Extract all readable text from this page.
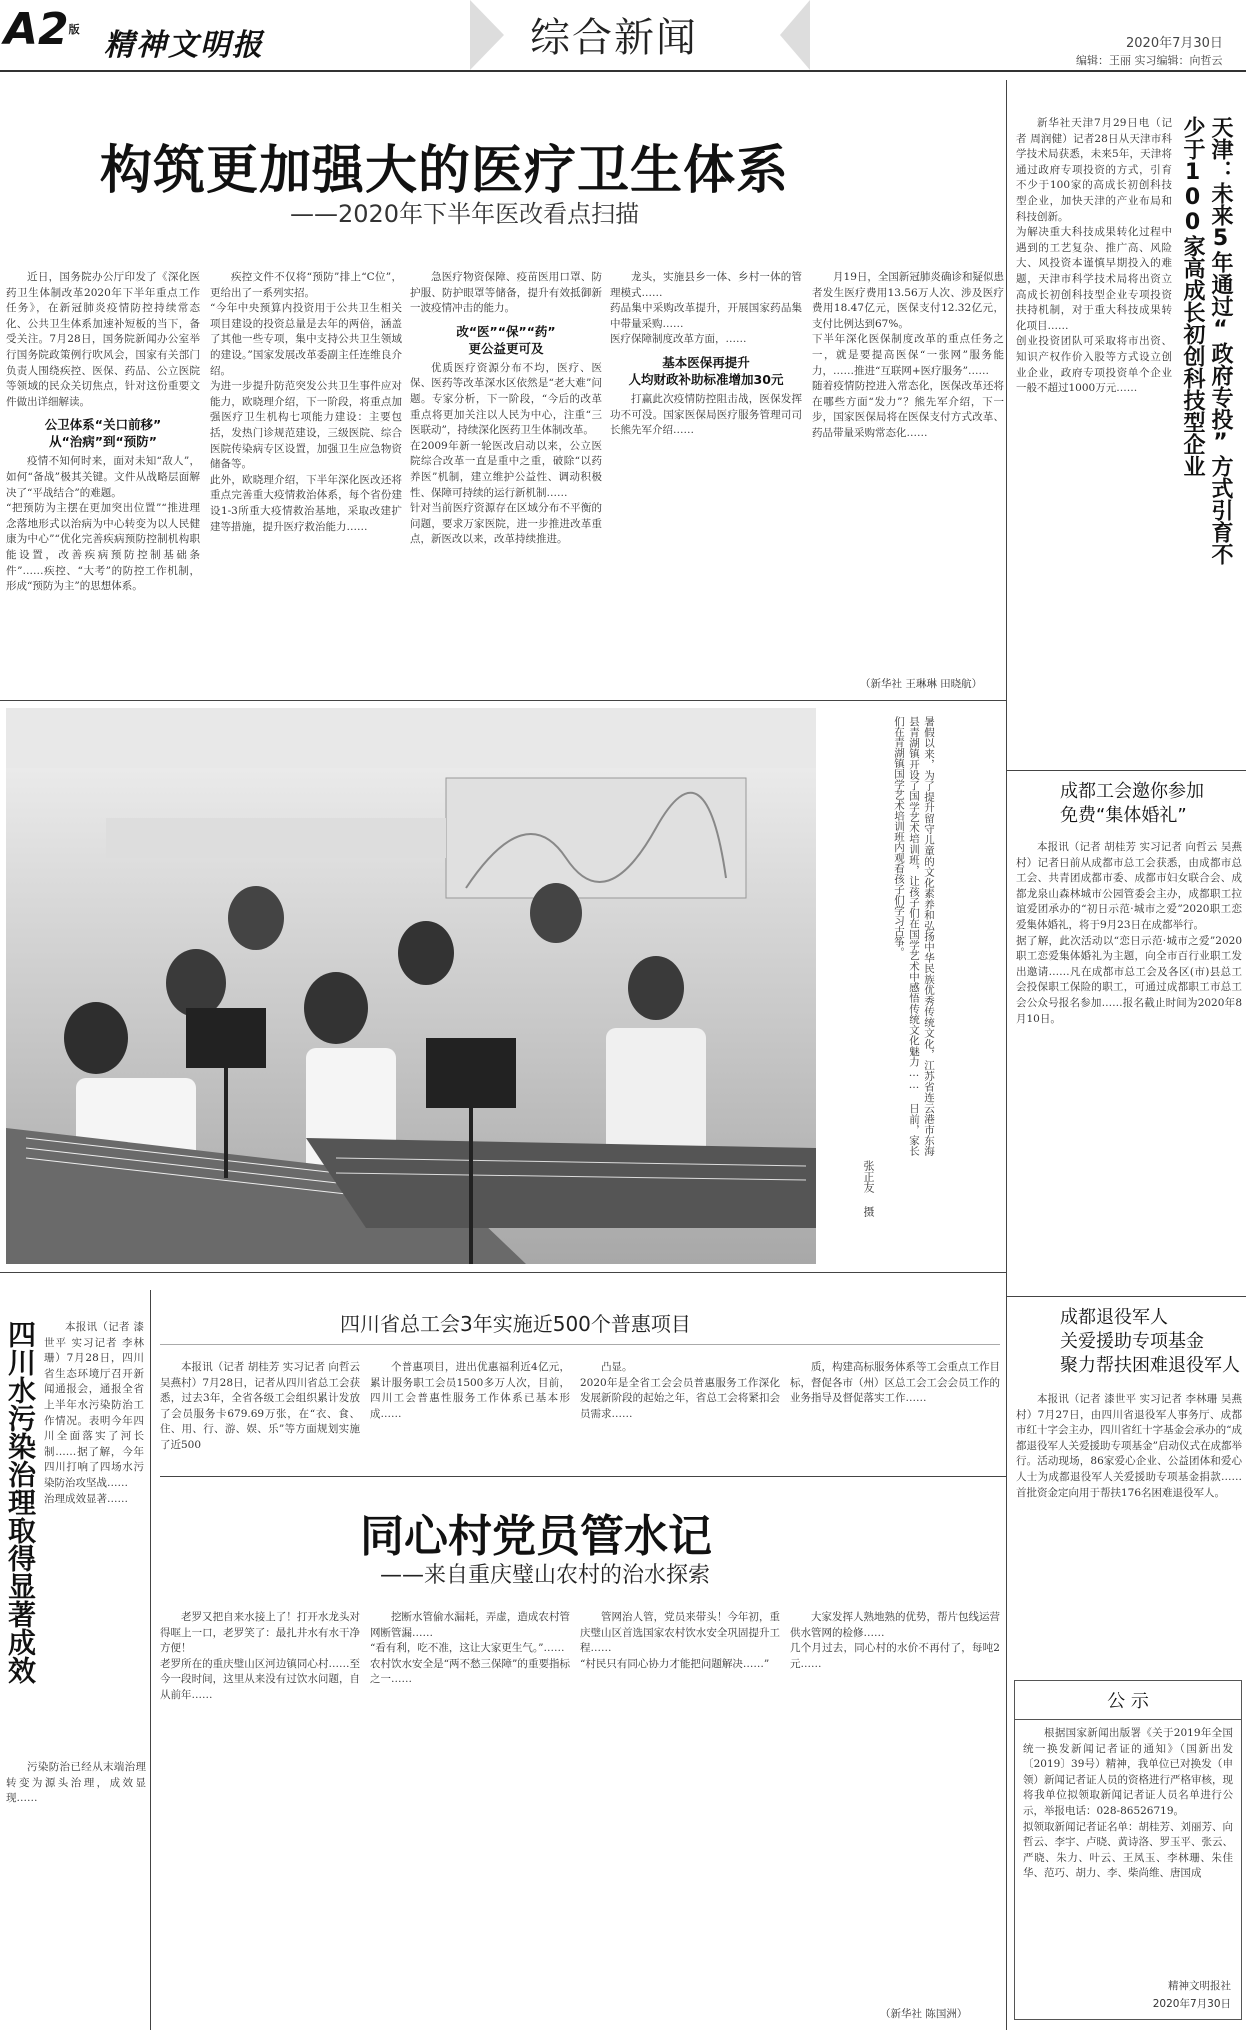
A2版 精神文明报	综合新闻	2020年7月30日
编辑：王丽 实习编辑：向哲云
构筑更加强大的医疗卫生体系
——2020年下半年医改看点扫描

近日，国务院办公厅印发了《深化医药卫生体制改革2020年下半年重点工作任务》，在新冠肺炎疫情防控持续常态化、公共卫生体系加速补短板的当下，备受关注。7月28日，国务院新闻办公室举行国务院政策例行吹风会，国家有关部门负责人围绕疾控、医保、药品、公立医院等领域的民众关切焦点，针对这份重要文件做出详细解读。

公卫体系“关口前移”
从“治病”到“预防”

疫情不知何时来，面对未知“敌人”，如何“备战”极其关键。文件从战略层面解决了“平战结合”的难题。
“把预防为主摆在更加突出位置”“推进理念落地形式以治病为中心转变为以人民健康为中心”“优化完善疾病预防控制机构职能设置，改善疾病预防控制基础条件”……疾控、“大考”的防控工作机制，形成“预防为主”的思想体系。

疾控文件不仅将“预防”排上“C位”，更给出了一系列实招。
“今年中央预算内投资用于公共卫生相关项目建设的投资总量是去年的两倍，涵盖了其他一些专项，集中支持公共卫生领域的建设。”国家发展改革委副主任连维良介绍。
为进一步提升防范突发公共卫生事件应对能力，欧晓理介绍，下一阶段，将重点加强医疗卫生机构七项能力建设：主要包括，发热门诊规范建设，三级医院、综合医院传染病专区设置，加强卫生应急物资储备等。
此外，欧晓理介绍，下半年深化医改还将重点完善重大疫情救治体系，每个省份建设1-3所重大疫情救治基地，采取改建扩建等措施，提升医疗救治能力……

急医疗物资保障、疫苗医用口罩、防护服、防护眼罩等储备，提升有效抵御新一波疫情冲击的能力。

改“医”“保”“药”
更公益更可及

优质医疗资源分布不均，医疗、医保、医药等改革深水区依然是“老大难”问题。专家分析，下一阶段，“今后的改革重点将更加关注以人民为中心，注重“三医联动”，持续深化医药卫生体制改革。
在2009年新一轮医改启动以来，公立医院综合改革一直是重中之重，破除“以药养医”机制，建立维护公益性、调动积极性、保障可持续的运行新机制……
针对当前医疗资源存在区域分布不平衡的问题，要求万家医院，进一步推进改革重点，新医改以来，改革持续推进。

龙头，实施县乡一体、乡村一体的管理模式……
药品集中采购改革提升，开展国家药品集中带量采购……
医疗保障制度改革方面，……

基本医保再提升
人均财政补助标准增加30元

打赢此次疫情防控阻击战，医保发挥功不可没。国家医保局医疗服务管理司司长熊先军介绍……

月19日，全国新冠肺炎确诊和疑似患者发生医疗费用13.56万人次、涉及医疗费用18.47亿元，医保支付12.32亿元，支付比例达到67%。
下半年深化医保制度改革的重点任务之一，就是要提高医保“一张网”服务能力，……推进“互联网+医疗服务”……
随着疫情防控进入常态化，医保改革还将在哪些方面“发力”？熊先军介绍，下一步，国家医保局将在医保支付方式改革、药品带量采购常态化……

（新华社 王琳琳 田晓航）
暑假以来，为了提升留守儿童的文化素养和弘扬中华民族优秀传统文化，江苏省连云港市东海县青湖镇开设了国学艺术培训班，让孩子们在国学艺术中感悟传统文化魅力…… 日前，家长们在青湖镇国学艺术培训班内观看孩子们学习古筝。
张正友 摄
四川水污染治理取得显著成效	本报讯（记者 漆世平 实习记者 李林珊）7月28日，四川省生态环境厅召开新闻通报会，通报全省上半年水污染防治工作情况。表明今年四川全面落实了河长制……据了解，今年四川打响了四场水污染防治攻坚战……
治理成效显著……

污染防治已经从末端治理转变为源头治理，成效显现……

四川省总工会3年实施近500个普惠项目

本报讯（记者 胡桂芳 实习记者 向哲云 吴燕村）7月28日，记者从四川省总工会获悉，过去3年，全省各级工会组织累计发放了会员服务卡679.69万张，在“衣、食、住、用、行、游、娱、乐”等方面规划实施了近500

个普惠项目，进出优惠福利近4亿元，累计服务职工会员1500多万人次，目前，四川工会普惠性服务工作体系已基本形成……

凸显。
2020年是全省工会会员普惠服务工作深化发展新阶段的起始之年，省总工会将紧扣会员需求……

质，构建高标服务体系等工会重点工作目标，督促各市（州）区总工会工会会员工作的业务指导及督促落实工作……

同心村党员管水记
——来自重庆璧山农村的治水探索

老罗又把自来水接上了！打开水龙头对得哐上一口，老罗笑了：最扎井水有水干净方便！
老罗所在的重庆璧山区河边镇同心村……至今一段时间，这里从来没有过饮水问题，自从前年……

挖断水管偷水漏耗，弄虚，造成农村管网断管漏……
“看有利，吃不准，这让大家更生气。”……
农村饮水安全是“两不愁三保障”的重要指标之一……

管网治人管，党员来带头！今年初，重庆璧山区首选国家农村饮水安全巩固提升工程……
“村民只有同心协力才能把问题解决……”

大家发挥人熟地熟的优势，帮片包线运营供水管网的检修……
几个月过去，同心村的水价不再付了，每吨2元……

（新华社 陈国洲）
天津：未来5年通过“政府专投”方式引育不少于100家高成长初创科技型企业

新华社天津7月29日电（记者 周润健）记者28日从天津市科学技术局获悉，未来5年，天津将通过政府专项投资的方式，引育不少于100家的高成长初创科技型企业，加快天津的产业布局和科技创新。
为解决重大科技成果转化过程中遇到的工艺复杂、推广高、风险大、风投资本谨慎早期投入的难题，天津市科学技术局将出资立高成长初创科技型企业专项投资扶持机制，对于重大科技成果转化项目……
创业投资团队可采取将市出资、知识产权作价入股等方式设立创业企业，政府专项投资单个企业一般不超过1000万元……

成都工会邀你参加
免费“集体婚礼”

本报讯（记者 胡桂芳 实习记者 向哲云 吴燕村）记者日前从成都市总工会获悉，由成都市总工会、共青团成都市委、成都市妇女联合会、成都龙泉山森林城市公园管委会主办，成都职工拉谊爱团承办的“初日示范·城市之爱”2020职工恋爱集体婚礼，将于9月23日在成都举行。
据了解，此次活动以“恋日示范·城市之爱”2020职工恋爱集体婚礼为主题，向全市百行业职工发出邀请……凡在成都市总工会及各区(市)县总工会投保职工保险的职工，可通过成都职工市总工会公众号报名参加……报名截止时间为2020年8月10日。

成都退役军人
关爱援助专项基金
聚力帮扶困难退役军人

本报讯（记者 漆世平 实习记者 李林珊 吴燕村）7月27日，由四川省退役军人事务厅、成都市红十字会主办，四川省红十字基金会承办的“成都退役军人关爱援助专项基金”启动仪式在成都举行。活动现场，86家爱心企业、公益团体和爱心人士为成都退役军人关爱援助专项基金捐款……首批资金定向用于帮扶176名困难退役军人。

公 示

根据国家新闻出版署《关于2019年全国统一换发新闻记者证的通知》（国新出发〔2019〕39号）精神，我单位已对换发（申领）新闻记者证人员的资格进行严格审核，现将我单位拟领取新闻记者证人员名单进行公示，举报电话：028-86526719。
拟领取新闻记者证名单：胡桂芳、刘丽芳、向哲云、李宇、卢晓、黄诗洛、罗玉平、张云、严晓、朱力、叶云、王凤玉、李林珊、朱佳华、范巧、胡力、李、柴尚维、唐国成

精神文明报社
2020年7月30日
